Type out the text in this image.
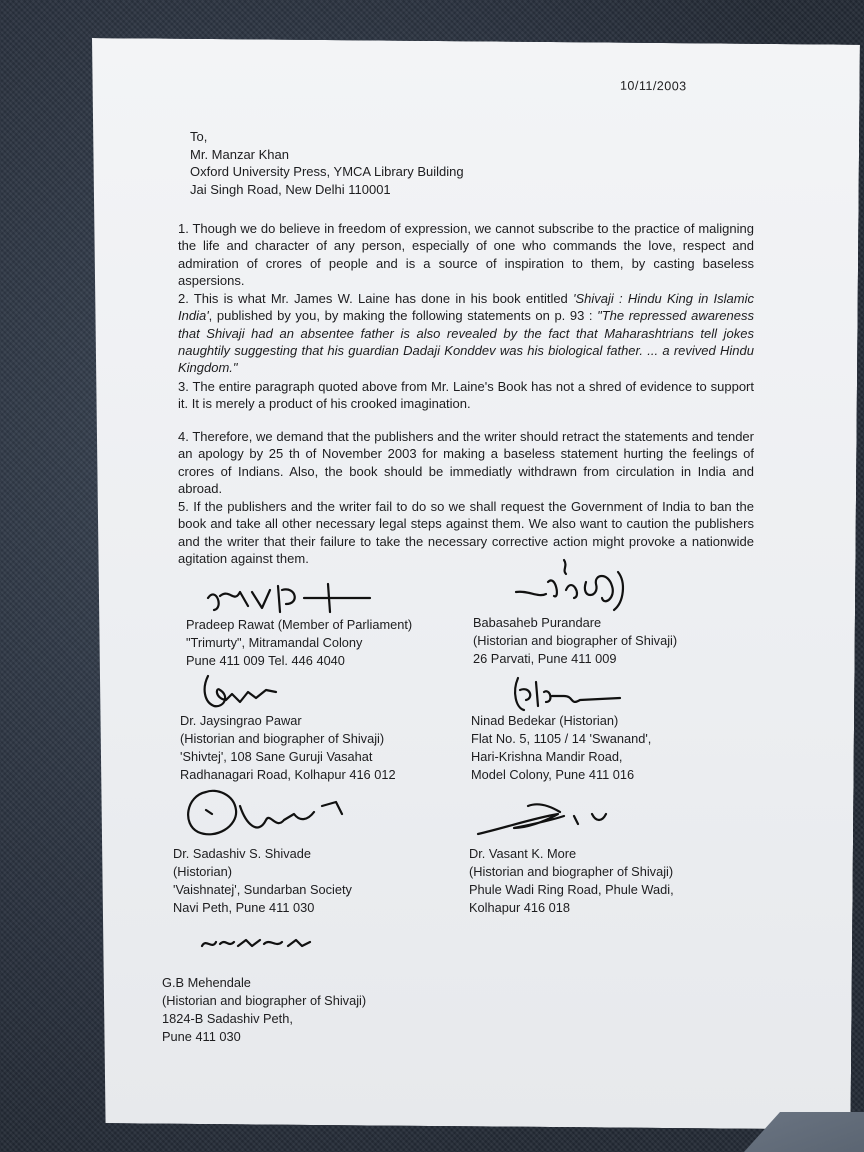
10/11/2003
To,
Mr. Manzar Khan
Oxford University Press, YMCA Library Building
Jai Singh Road, New Delhi 110001
1. Though we do believe in freedom of expression, we cannot subscribe to the practice of maligning the life and character of any person, especially of one who commands the love, respect and admiration of crores of people and is a source of inspiration to them, by casting baseless aspersions.
2. This is what Mr. James W. Laine has done in his book entitled 'Shivaji : Hindu King in Islamic India', published by you, by making the following statements on p. 93 : "The repressed awareness that Shivaji had an absentee father is also revealed by the fact that Maharashtrians tell jokes naughtily suggesting that his guardian Dadaji Konddev was his biological father. ... a revived Hindu Kingdom."
3. The entire paragraph quoted above from Mr. Laine's Book has not a shred of evidence to support it. It is merely a product of his crooked imagination.
4. Therefore, we demand that the publishers and the writer should retract the statements and tender an apology by 25 th of November 2003 for making a baseless statement hurting the feelings of crores of Indians. Also, the book should be immediatly withdrawn from circulation in India and abroad.
5. If the publishers and the writer fail to do so we shall request the Government of India to ban the book and take all other necessary legal steps against them. We also want to caution the publishers and the writer that their failure to take the necessary corrective action might provoke a nationwide agitation against them.
Pradeep Rawat (Member of Parliament)
"Trimurty", Mitramandal Colony
Pune 411 009 Tel. 446 4040
Babasaheb Purandare
(Historian and biographer of Shivaji)
26 Parvati, Pune 411 009
Dr. Jaysingrao Pawar
(Historian and biographer of Shivaji)
'Shivtej', 108 Sane Guruji Vasahat
Radhanagari Road, Kolhapur 416 012
Ninad Bedekar (Historian)
Flat No. 5, 1105 / 14 'Swanand',
Hari-Krishna Mandir Road,
Model Colony, Pune 411 016
Dr. Sadashiv S. Shivade
(Historian)
'Vaishnatej', Sundarban Society
Navi Peth, Pune 411 030
Dr. Vasant K. More
(Historian and biographer of Shivaji)
Phule Wadi Ring Road, Phule Wadi,
Kolhapur 416 018
G.B Mehendale
(Historian and biographer of Shivaji)
1824-B Sadashiv Peth,
Pune 411 030
